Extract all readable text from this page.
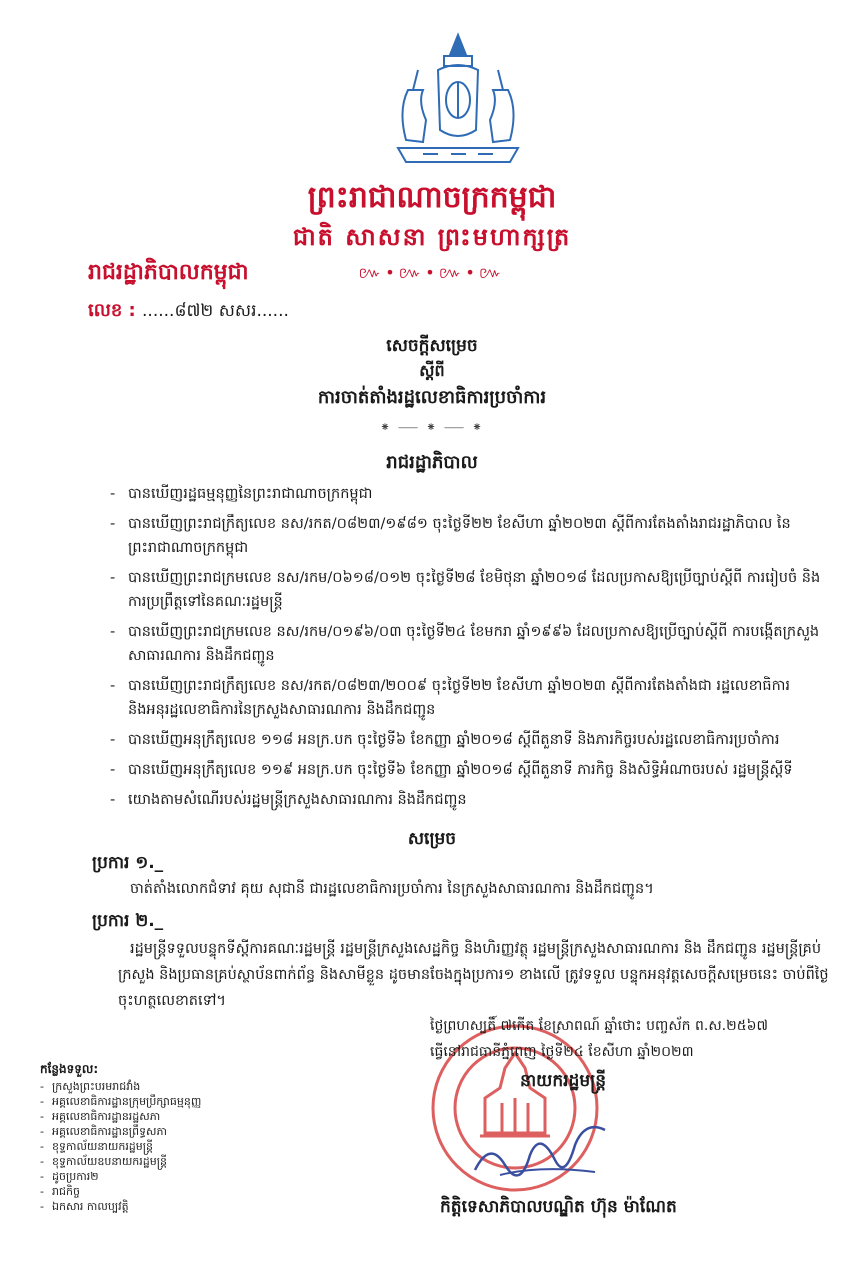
ព្រះរាជាណាចក្រកម្ពុជា
ជាតិ សាសនា ព្រះមហាក្សត្រ
៚•៚•៚•៚
រាជរដ្ឋាភិបាលកម្ពុជា
លេខ : ......៨៧២ សសរ......
សេចក្តីសម្រេច
ស្តីពី
ការចាត់តាំងរដ្ឋលេខាធិការប្រចាំការ
⁕ ⸺ ⁕ ⸺ ⁕
រាជរដ្ឋាភិបាល
- បានឃើញរដ្ឋធម្មនុញ្ញនៃព្រះរាជាណាចក្រកម្ពុជា
- បានឃើញព្រះរាជក្រឹត្យលេខ នស/រកត/០៨២៣/១៩៨១ ចុះថ្ងៃទី២២ ខែសីហា ឆ្នាំ២០២៣ ស្តីពីការតែងតាំងរាជរដ្ឋាភិបាល នៃព្រះរាជាណាចក្រកម្ពុជា
- បានឃើញព្រះរាជក្រមលេខ នស/រកម/០៦១៨/០១២ ចុះថ្ងៃទី២៨ ខែមិថុនា ឆ្នាំ២០១៨ ដែលប្រកាសឱ្យប្រើច្បាប់ស្តីពី ការរៀបចំ និងការប្រព្រឹត្តទៅនៃគណៈរដ្ឋមន្ត្រី
- បានឃើញព្រះរាជក្រមលេខ នស/រកម/០១៩៦/០៣ ចុះថ្ងៃទី២៤ ខែមករា ឆ្នាំ១៩៩៦ ដែលប្រកាសឱ្យប្រើច្បាប់ស្តីពី ការបង្កើតក្រសួងសាធារណការ និងដឹកជញ្ជូន
- បានឃើញព្រះរាជក្រឹត្យលេខ នស/រកត/០៨២៣/២០០៩ ចុះថ្ងៃទី២២ ខែសីហា ឆ្នាំ២០២៣ ស្តីពីការតែងតាំងជា រដ្ឋលេខាធិការ និងអនុរដ្ឋលេខាធិការនៃក្រសួងសាធារណការ និងដឹកជញ្ជូន
- បានឃើញអនុក្រឹត្យលេខ ១១៨ អនក្រ.បក ចុះថ្ងៃទី៦ ខែកញ្ញា ឆ្នាំ២០១៨ ស្តីពីតួនាទី និងភារកិច្ចរបស់រដ្ឋលេខាធិការប្រចាំការ
- បានឃើញអនុក្រឹត្យលេខ ១១៩ អនក្រ.បក ចុះថ្ងៃទី៦ ខែកញ្ញា ឆ្នាំ២០១៨ ស្តីពីតួនាទី ភារកិច្ច និងសិទ្ធិអំណាចរបស់ រដ្ឋមន្ត្រីស្តីទី
- យោងតាមសំណើរបស់រដ្ឋមន្ត្រីក្រសួងសាធារណការ និងដឹកជញ្ជូន
សម្រេច
ប្រការ ១._
ចាត់តាំងលោកជំទាវ គុយ សុជានី ជារដ្ឋលេខាធិការប្រចាំការ នៃក្រសួងសាធារណការ និងដឹកជញ្ជូន។
ប្រការ ២._
រដ្ឋមន្ត្រីទទួលបន្ទុកទីស្តីការគណៈរដ្ឋមន្ត្រី រដ្ឋមន្ត្រីក្រសួងសេដ្ឋកិច្ច និងហិរញ្ញវត្ថុ រដ្ឋមន្ត្រីក្រសួងសាធារណការ និង ដឹកជញ្ជូន រដ្ឋមន្ត្រីគ្រប់ក្រសួង និងប្រធានគ្រប់ស្ថាប័នពាក់ព័ន្ធ និងសាមីខ្លួន ដូចមានចែងក្នុងប្រការ១ ខាងលើ ត្រូវទទួល បន្ទុកអនុវត្តសេចក្តីសម្រេចនេះ ចាប់ពីថ្ងៃចុះហត្ថលេខាតទៅ។
ថ្ងៃព្រហស្បតិ៍ ៧កើត ខែស្រាពណ៍ ឆ្នាំថោះ បញ្ចស័ក ព.ស.២៥៦៧
ធ្វើនៅរាជធានីភ្នំពេញ ថ្ងៃទី២៤ ខែសីហា ឆ្នាំ២០២៣
នាយករដ្ឋមន្ត្រី
កិត្តិទេសាភិបាលបណ្ឌិត ហ៊ុន ម៉ាណែត
កន្លែងទទួល:
- ក្រសួងព្រះបរមរាជវាំង
- អគ្គលេខាធិការដ្ឋានក្រុមប្រឹក្សាធម្មនុញ្ញ
- អគ្គលេខាធិការដ្ឋានរដ្ឋសភា
- អគ្គលេខាធិការដ្ឋានព្រឹទ្ធសភា
- ខុទ្ទកាល័យនាយករដ្ឋមន្ត្រី
- ខុទ្ទកាល័យឧបនាយករដ្ឋមន្ត្រី
- ដូចប្រការ២
- រាជកិច្ច
- ឯកសារ កាលប្បវត្តិ
